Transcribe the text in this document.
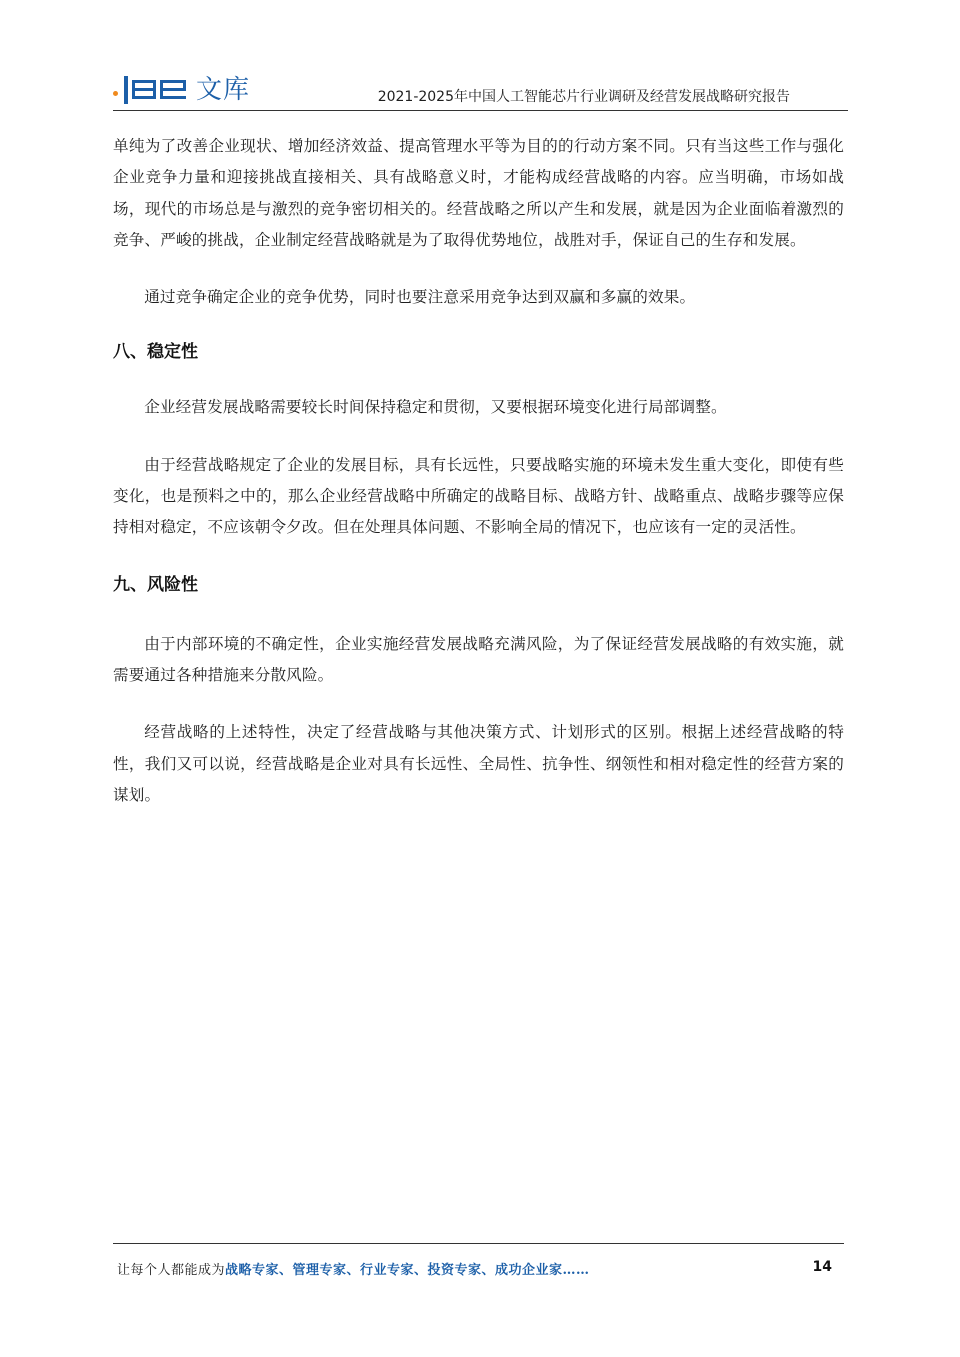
文库	2021-2025年中国人工智能芯片行业调研及经营发展战略研究报告

单纯为了改善企业现状、增加经济效益、提高管理水平等为目的的行动方案不同。只有当这些工作与强化企业竞争力量和迎接挑战直接相关、具有战略意义时，才能构成经营战略的内容。应当明确，市场如战场，现代的市场总是与激烈的竞争密切相关的。经营战略之所以产生和发展，就是因为企业面临着激烈的竞争、严峻的挑战，企业制定经营战略就是为了取得优势地位，战胜对手，保证自己的生存和发展。

通过竞争确定企业的竞争优势，同时也要注意采用竞争达到双赢和多赢的效果。

八、稳定性

企业经营发展战略需要较长时间保持稳定和贯彻，又要根据环境变化进行局部调整。

由于经营战略规定了企业的发展目标，具有长远性，只要战略实施的环境未发生重大变化，即使有些变化，也是预料之中的，那么企业经营战略中所确定的战略目标、战略方针、战略重点、战略步骤等应保持相对稳定，不应该朝令夕改。但在处理具体问题、不影响全局的情况下，也应该有一定的灵活性。

九、风险性

由于内部环境的不确定性，企业实施经营发展战略充满风险，为了保证经营发展战略的有效实施，就需要通过各种措施来分散风险。

经营战略的上述特性，决定了经营战略与其他决策方式、计划形式的区别。根据上述经营战略的特性，我们又可以说，经营战略是企业对具有长远性、全局性、抗争性、纲领性和相对稳定性的经营方案的谋划。

让每个人都能成为战略专家、管理专家、行业专家、投资专家、成功企业家……	14
